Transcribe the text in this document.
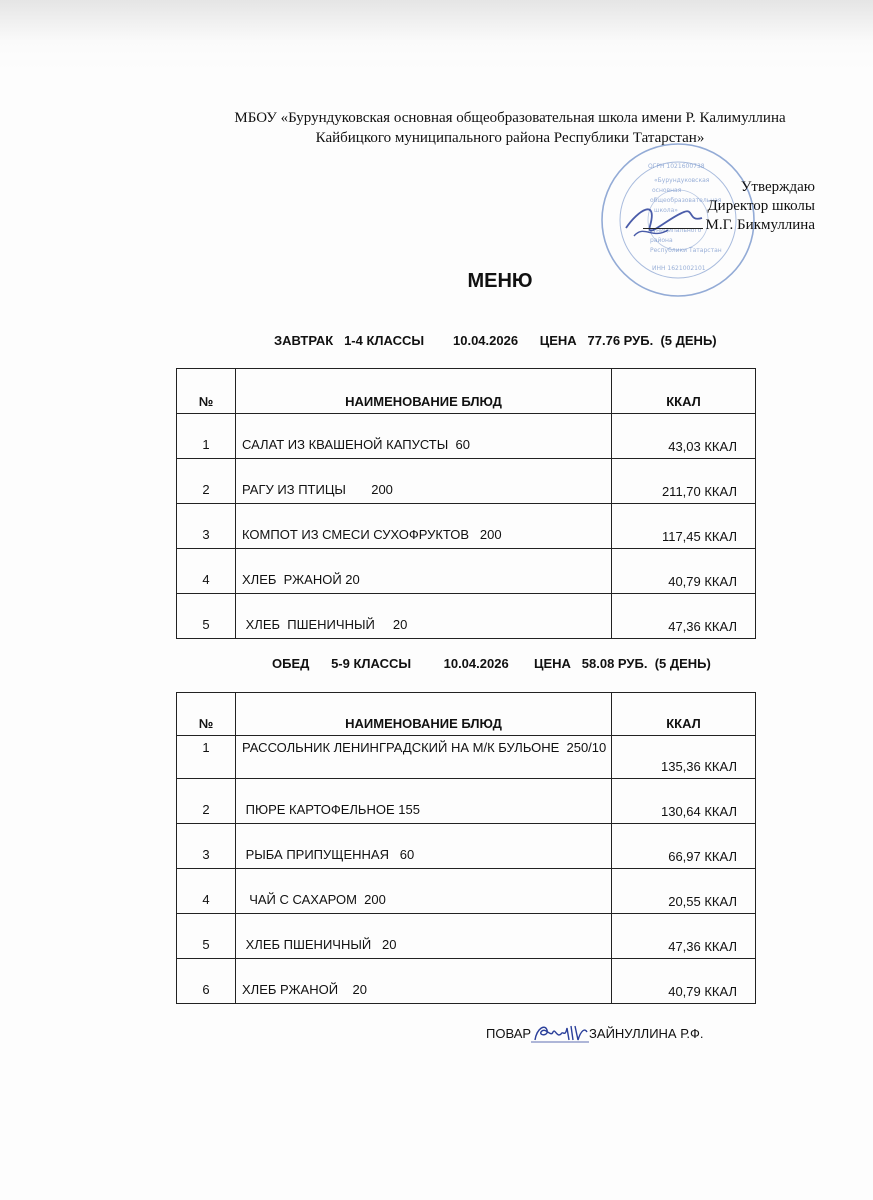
МБОУ «Бурундуковская основная общеобразовательная школа имени Р. Калимуллина
Кайбицкого муниципального района Республики Татарстан»
«Бурундуковская
основная
общеобразовательная
школа»
муниципального
района
Республики Татарстан
ИНН 1621002101
ОГРН 1021600738
Утверждаю
Директор школы
М.Г. Бикмуллина
МЕНЮ
ЗАВТРАК 1-4 КЛАССЫ 10.04.2026 ЦЕНА   77.76 РУБ. (5 ДЕНЬ)
№	НАИМЕНОВАНИЕ БЛЮД	ККАЛ
1	САЛАТ ИЗ КВАШЕНОЙ КАПУСТЫ  60	43,03 ККАЛ
2	РАГУ ИЗ ПТИЦЫ       200	211,70 ККАЛ
3	КОМПОТ ИЗ СМЕСИ СУХОФРУКТОВ   200	117,45 ККАЛ
4	ХЛЕБ  РЖАНОЙ 20	40,79 ККАЛ
5	ХЛЕБ  ПШЕНИЧНЫЙ     20	47,36 ККАЛ
ОБЕД 5-9 КЛАССЫ	10.04.2026 ЦЕНА   58.08 РУБ. (5 ДЕНЬ)
№	НАИМЕНОВАНИЕ БЛЮД	ККАЛ
1	РАССОЛЬНИК ЛЕНИНГРАДСКИЙ НА М/К БУЛЬОНЕ  250/10	135,36 ККАЛ
2	ПЮРЕ КАРТОФЕЛЬНОЕ 155	130,64 ККАЛ
3	РЫБА ПРИПУЩЕННАЯ   60	66,97 ККАЛ
4	ЧАЙ С САХАРОМ  200	20,55 ККАЛ
5	ХЛЕБ ПШЕНИЧНЫЙ   20	47,36 ККАЛ
6	ХЛЕБ РЖАНОЙ    20	40,79 ККАЛ
ПОВАР	ЗАЙНУЛЛИНА Р.Ф.
